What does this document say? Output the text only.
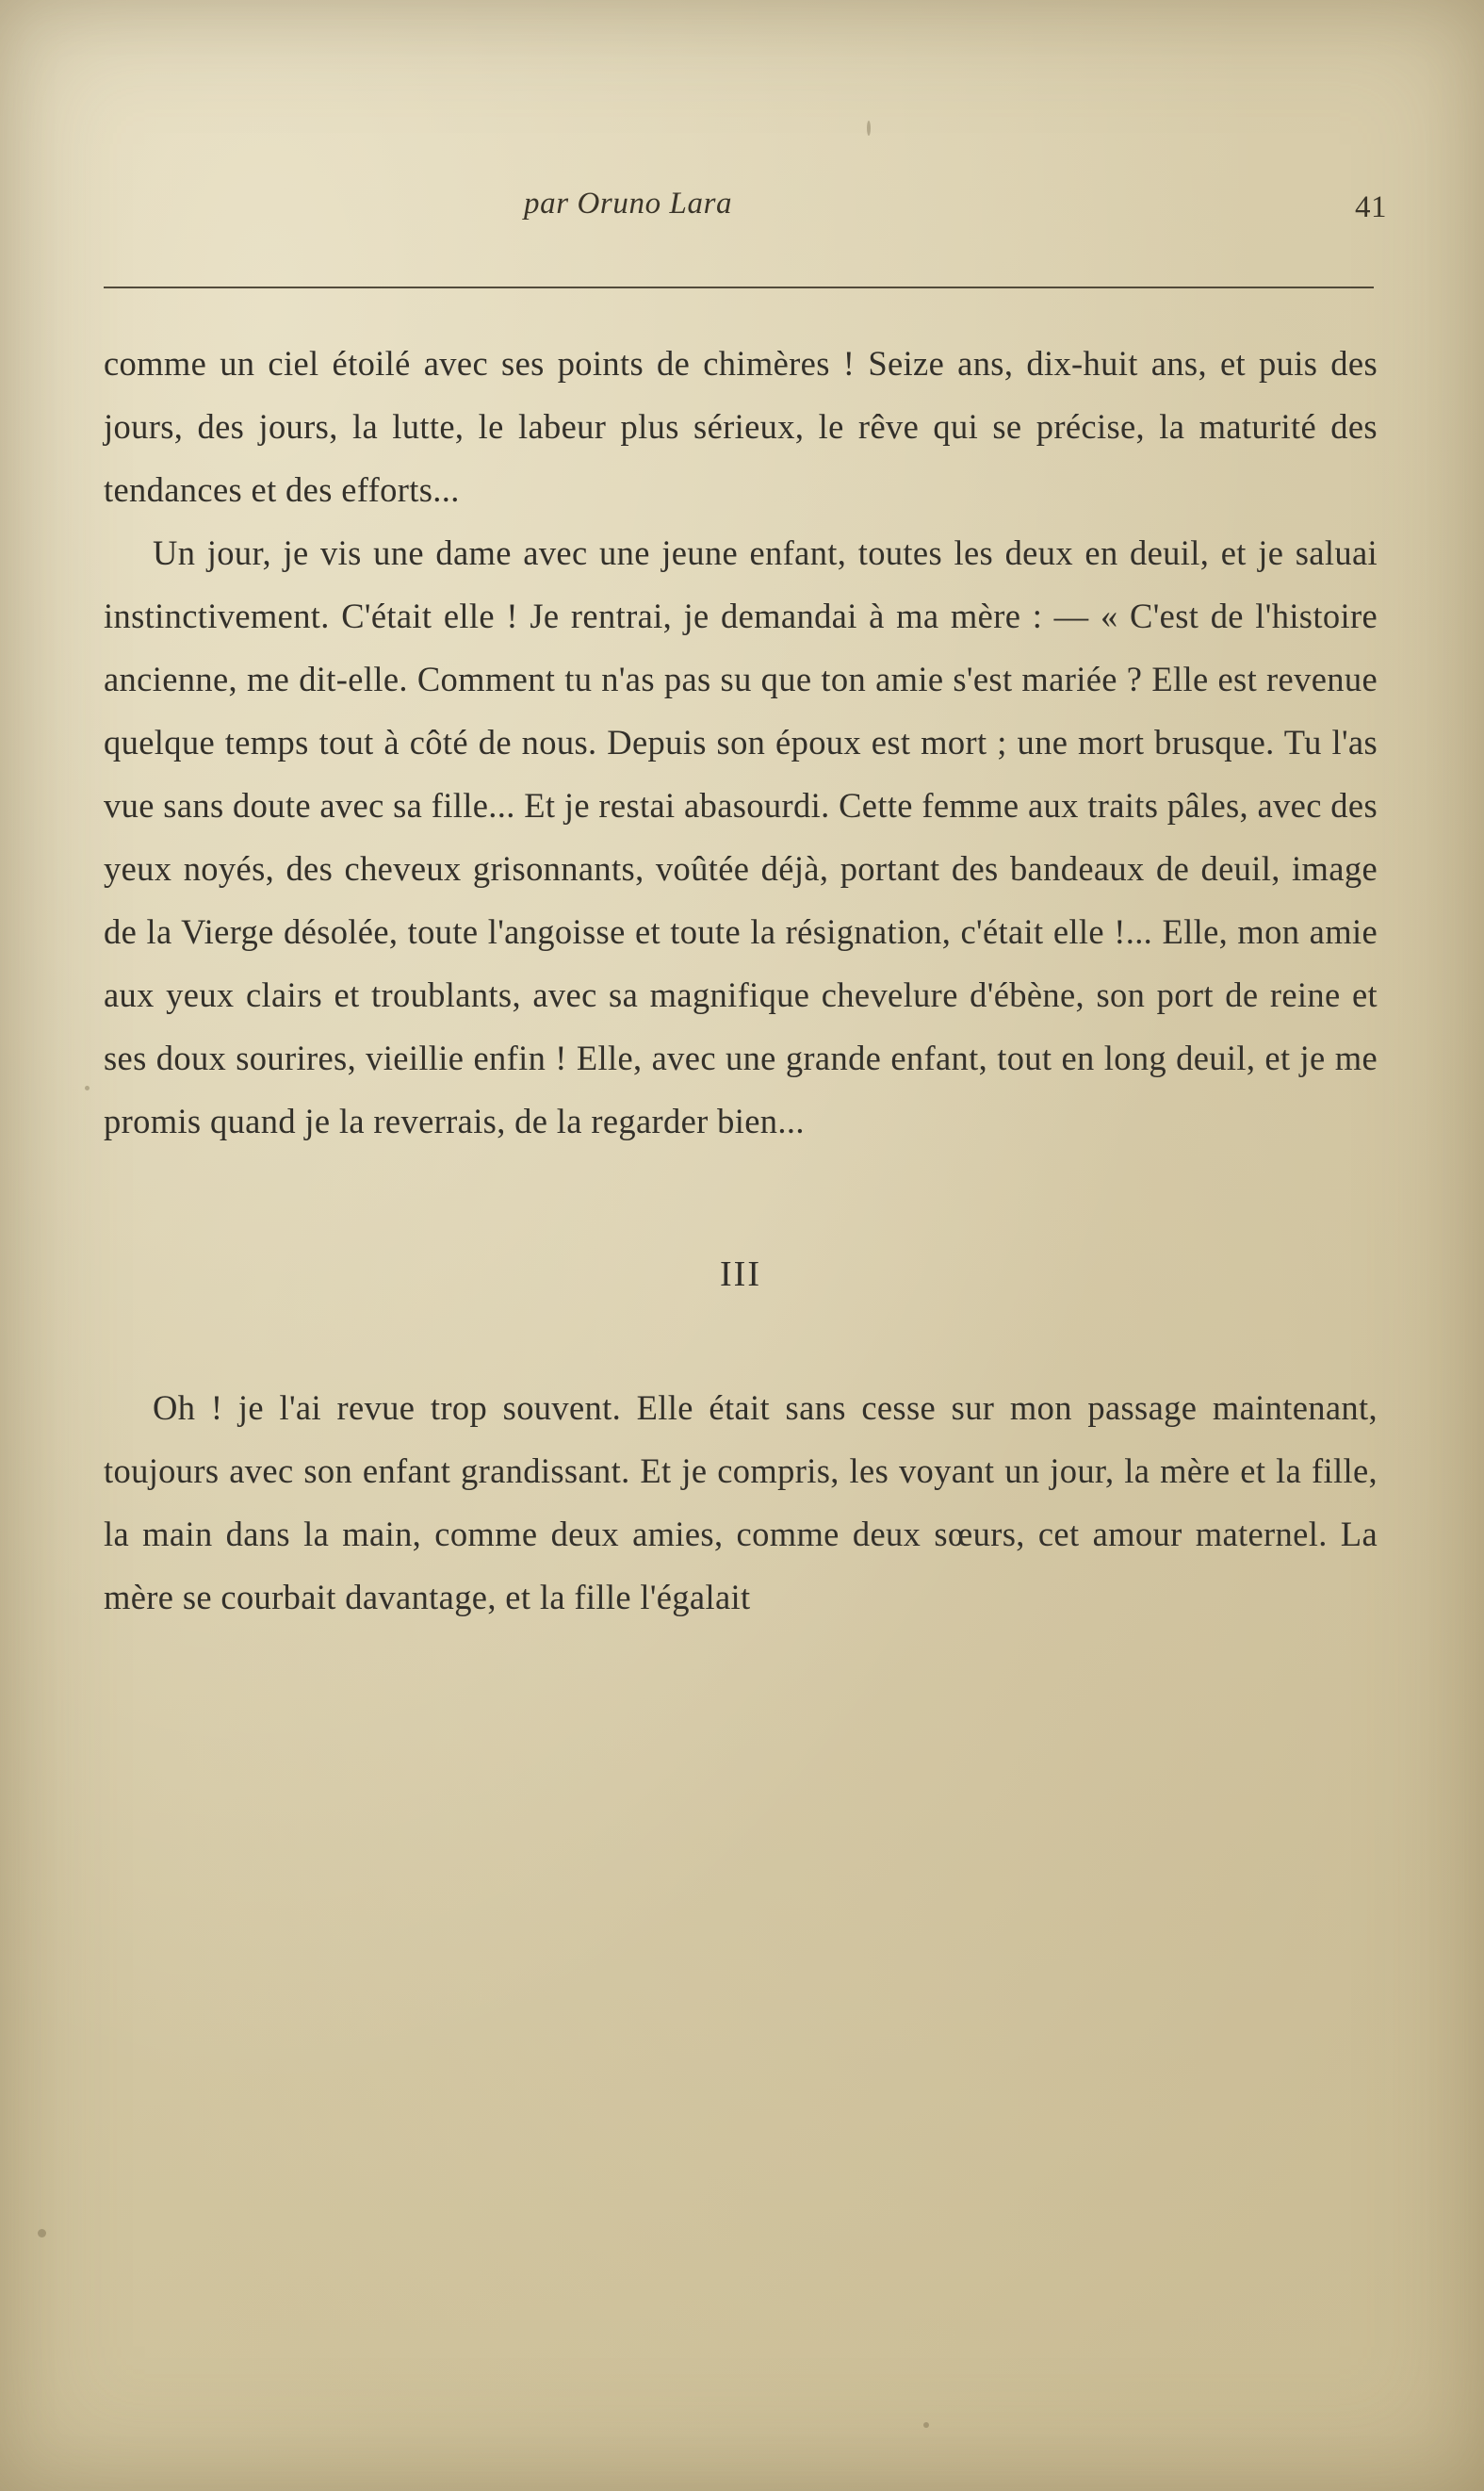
par Oruno Lara	41

comme un ciel étoilé avec ses points de chimères ! Seize ans, dix-huit ans, et puis des jours, des jours, la lutte, le labeur plus sérieux, le rêve qui se précise, la maturité des tendances et des efforts...

Un jour, je vis une dame avec une jeune enfant, toutes les deux en deuil, et je saluai instinctivement. C'était elle ! Je rentrai, je demandai à ma mère : — « C'est de l'histoire ancienne, me dit-elle. Comment tu n'as pas su que ton amie s'est mariée ? Elle est revenue quelque temps tout à côté de nous. Depuis son époux est mort ; une mort brusque. Tu l'as vue sans doute avec sa fille... Et je restai abasourdi. Cette femme aux traits pâles, avec des yeux noyés, des cheveux grisonnants, voûtée déjà, portant des bandeaux de deuil, image de la Vierge désolée, toute l'angoisse et toute la résignation, c'était elle !... Elle, mon amie aux yeux clairs et troublants, avec sa magnifique chevelure d'ébène, son port de reine et ses doux sourires, vieillie enfin ! Elle, avec une grande enfant, tout en long deuil, et je me promis quand je la reverrais, de la regarder bien...

III

Oh ! je l'ai revue trop souvent. Elle était sans cesse sur mon passage maintenant, toujours avec son enfant grandissant. Et je compris, les voyant un jour, la mère et la fille, la main dans la main, comme deux amies, comme deux sœurs, cet amour maternel. La mère se courbait davantage, et la fille l'égalait
